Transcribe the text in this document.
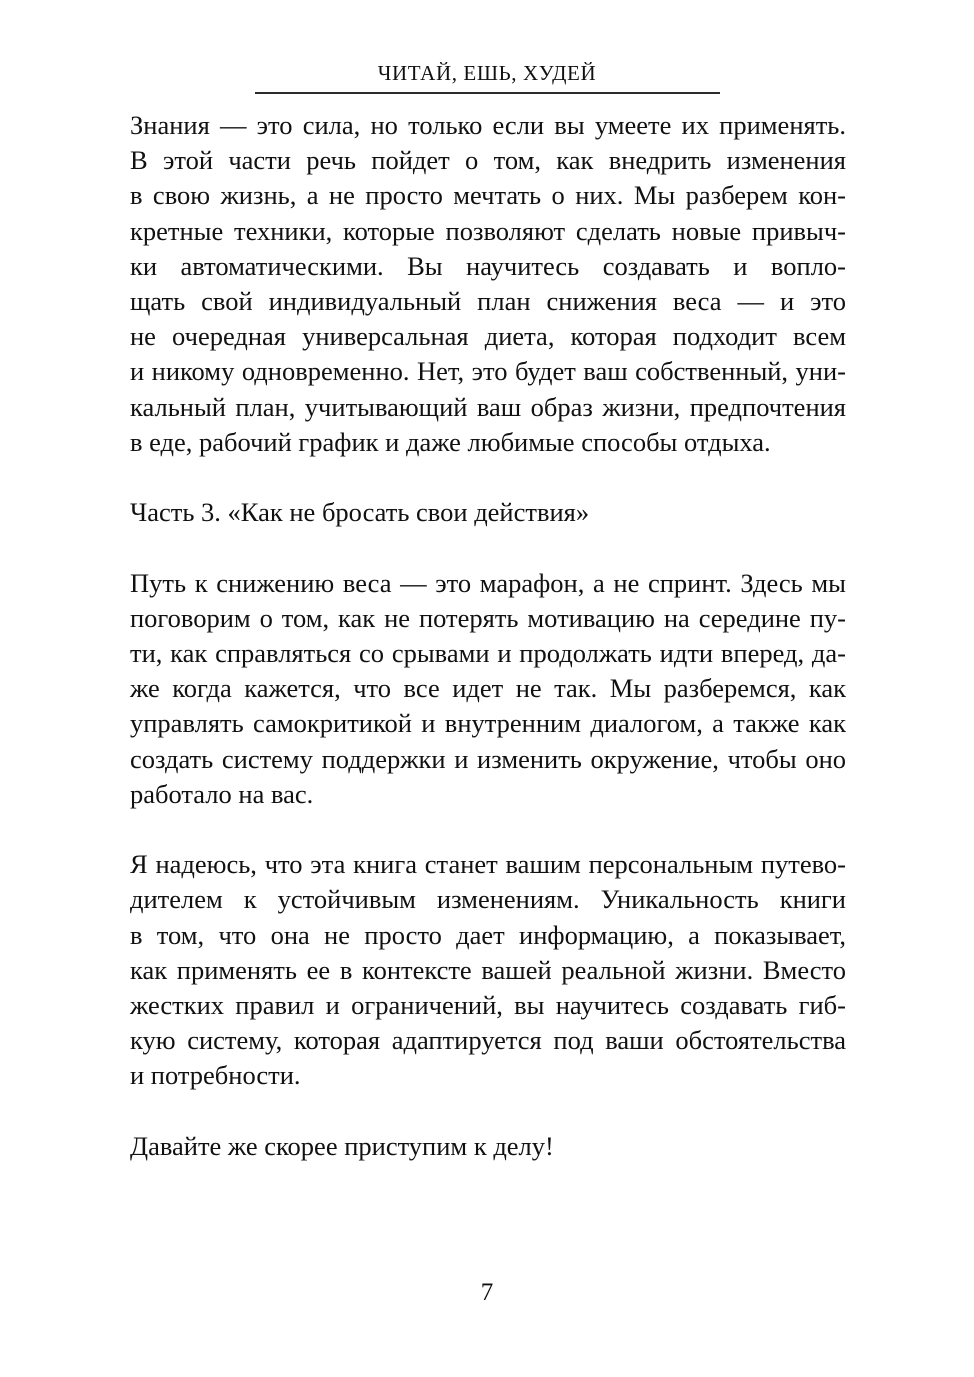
ЧИТАЙ, ЕШЬ, ХУДЕЙ

Знания — это сила, но только если вы умеете их применять.
В этой части речь пойдет о том, как внедрить изменения
в свою жизнь, а не просто мечтать о них. Мы разберем кон-
кретные техники, которые позволяют сделать новые привыч-
ки автоматическими. Вы научитесь создавать и вопло-
щать свой индивидуальный план снижения веса — и это
не очередная универсальная диета, которая подходит всем
и никому одновременно. Нет, это будет ваш собственный, уни-
кальный план, учитывающий ваш образ жизни, предпочтения
в еде, рабочий график и даже любимые способы отдыха.

Часть 3. «Как не бросать свои действия»

Путь к снижению веса — это марафон, а не спринт. Здесь мы
поговорим о том, как не потерять мотивацию на середине пу-
ти, как справляться со срывами и продолжать идти вперед, да-
же когда кажется, что все идет не так. Мы разберемся, как
управлять самокритикой и внутренним диалогом, а также как
создать систему поддержки и изменить окружение, чтобы оно
работало на вас.

Я надеюсь, что эта книга станет вашим персональным путево-
дителем к устойчивым изменениям. Уникальность книги
в том, что она не просто дает информацию, а показывает,
как применять ее в контексте вашей реальной жизни. Вместо
жестких правил и ограничений, вы научитесь создавать гиб-
кую систему, которая адаптируется под ваши обстоятельства
и потребности.

Давайте же скорее приступим к делу!

7
